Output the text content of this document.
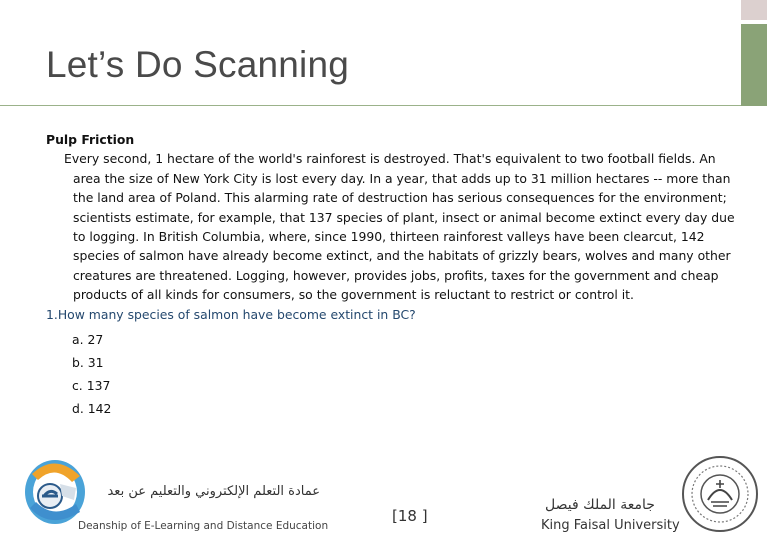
Let’s Do Scanning
Pulp Friction

Every second, 1 hectare of the world's rainforest is destroyed. That's equivalent to two football fields. An area the size of New York City is lost every day. In a year, that adds up to 31 million hectares -- more than the land area of Poland. This alarming rate of destruction has serious consequences for the environment; scientists estimate, for example, that 137 species of plant, insect or animal become extinct every day due to logging. In British Columbia, where, since 1990, thirteen rainforest valleys have been clearcut, 142 species of salmon have already become extinct, and the habitats of grizzly bears, wolves and many other creatures are threatened. Logging, however, provides jobs, profits, taxes for the government and cheap products of all kinds for consumers, so the government is reluctant to restrict or control it.

1.How many species of salmon have become extinct in BC?
a. 27
b. 31
c. 137
d. 142
عمادة التعلم الإلكتروني والتعليم عن بعد
Deanship of E-Learning and Distance Education
[18 ]
جامعة الملك فيصل
King Faisal University
